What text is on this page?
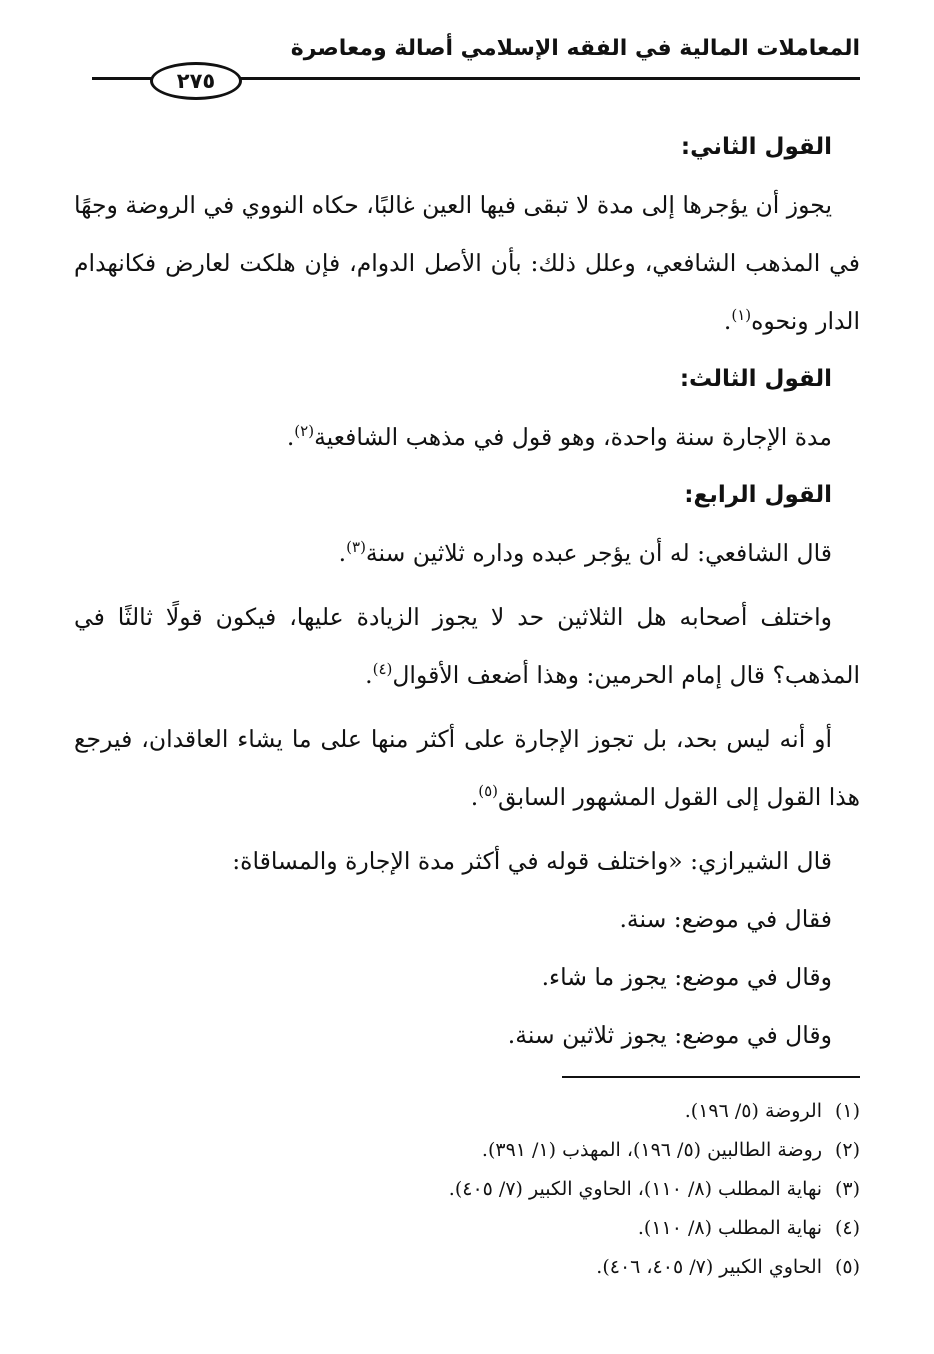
المعاملات المالية في الفقه الإسلامي أصالة ومعاصرة
٢٧٥

القول الثاني:

يجوز أن يؤجرها إلى مدة لا تبقى فيها العين غالبًا، حكاه النووي في الروضة وجهًا في المذهب الشافعي، وعلل ذلك: بأن الأصل الدوام، فإن هلكت لعارض فكانهدام الدار ونحوه$^{(١)}$.

القول الثالث:

مدة الإجارة سنة واحدة، وهو قول في مذهب الشافعية$^{(٢)}$.

القول الرابع:

قال الشافعي: له أن يؤجر عبده وداره ثلاثين سنة$^{(٣)}$.

واختلف أصحابه هل الثلاثين حد لا يجوز الزيادة عليها، فيكون قولًا ثالثًا في المذهب؟ قال إمام الحرمين: وهذا أضعف الأقوال$^{(٤)}$.

أو أنه ليس بحد، بل تجوز الإجارة على أكثر منها على ما يشاء العاقدان، فيرجع هذا القول إلى القول المشهور السابق$^{(٥)}$.

قال الشيرازي: «واختلف قوله في أكثر مدة الإجارة والمساقاة:

فقال في موضع: سنة.

وقال في موضع: يجوز ما شاء.

وقال في موضع: يجوز ثلاثين سنة.

(١)الروضة (٥/ ١٩٦).
(٢)روضة الطالبين (٥/ ١٩٦)، المهذب (١/ ٣٩١).
(٣)نهاية المطلب (٨/ ١١٠)، الحاوي الكبير (٧/ ٤٠٥).
(٤)نهاية المطلب (٨/ ١١٠).
(٥)الحاوي الكبير (٧/ ٤٠٥، ٤٠٦).
